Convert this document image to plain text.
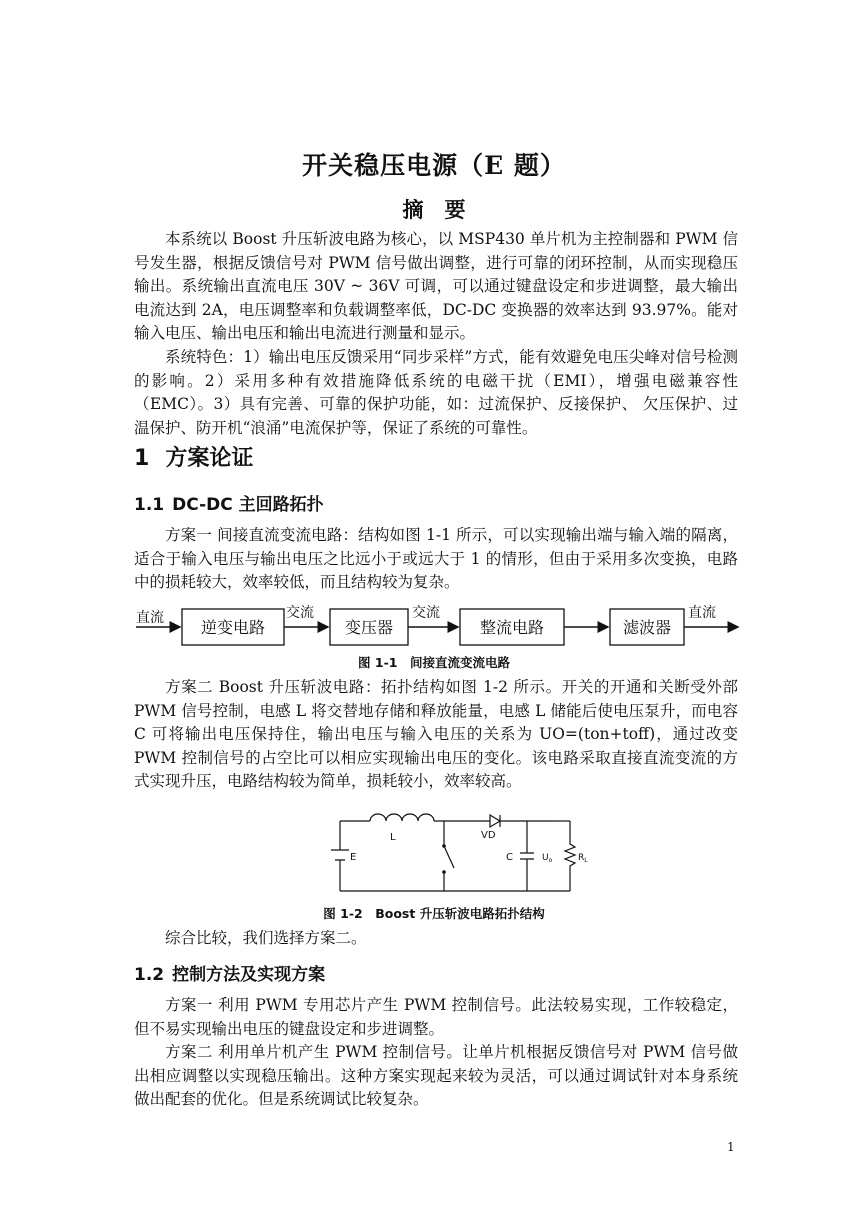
开关稳压电源（E 题）
摘　要

本系统以 Boost 升压斩波电路为核心，以 MSP430 单片机为主控制器和 PWM 信号发生器，根据反馈信号对 PWM 信号做出调整，进行可靠的闭环控制，从而实现稳压输出。系统输出直流电压 30V ~ 36V 可调，可以通过键盘设定和步进调整，最大输出电流达到 2A，电压调整率和负载调整率低，DC-DC 变换器的效率达到 93.97%。能对输入电压、输出电压和输出电流进行测量和显示。

系统特色：1）输出电压反馈采用“同步采样”方式，能有效避免电压尖峰对信号检测的影响。2）采用多种有效措施降低系统的电磁干扰（EMI），增强电磁兼容性（EMC）。3）具有完善、可靠的保护功能，如：过流保护、反接保护、 欠压保护、过温保护、防开机“浪涌”电流保护等，保证了系统的可靠性。

1 方案论证
1.1 DC-DC 主回路拓扑

方案一 间接直流变流电路：结构如图 1-1 所示，可以实现输出端与输入端的隔离，适合于输入电压与输出电压之比远小于或远大于 1 的情形，但由于采用多次变换，电路中的损耗较大，效率较低，而且结构较为复杂。

直流 逆变电路
交流
变压器
交流
整流电路	滤波器
直流

图 1-1　间接直流变流电路

方案二 Boost 升压斩波电路：拓扑结构如图 1-2 所示。开关的开通和关断受外部 PWM 信号控制，电感 L 将交替地存储和释放能量，电感 L 储能后使电压泵升，而电容 C 可将输出电压保持住，输出电压与输入电压的关系为 UO=(ton+toff)，通过改变 PWM 控制信号的占空比可以相应实现输出电压的变化。该电路采取直接直流变流的方式实现升压，电路结构较为简单，损耗较小，效率较高。

L	VD
E	C	$U_o$	$R_L$

图 1-2　Boost 升压斩波电路拓扑结构

综合比较，我们选择方案二。

1.2 控制方法及实现方案

方案一 利用 PWM 专用芯片产生 PWM 控制信号。此法较易实现，工作较稳定，但不易实现输出电压的键盘设定和步进调整。

方案二 利用单片机产生 PWM 控制信号。让单片机根据反馈信号对 PWM 信号做出相应调整以实现稳压输出。这种方案实现起来较为灵活，可以通过调试针对本身系统做出配套的优化。但是系统调试比较复杂。

1
